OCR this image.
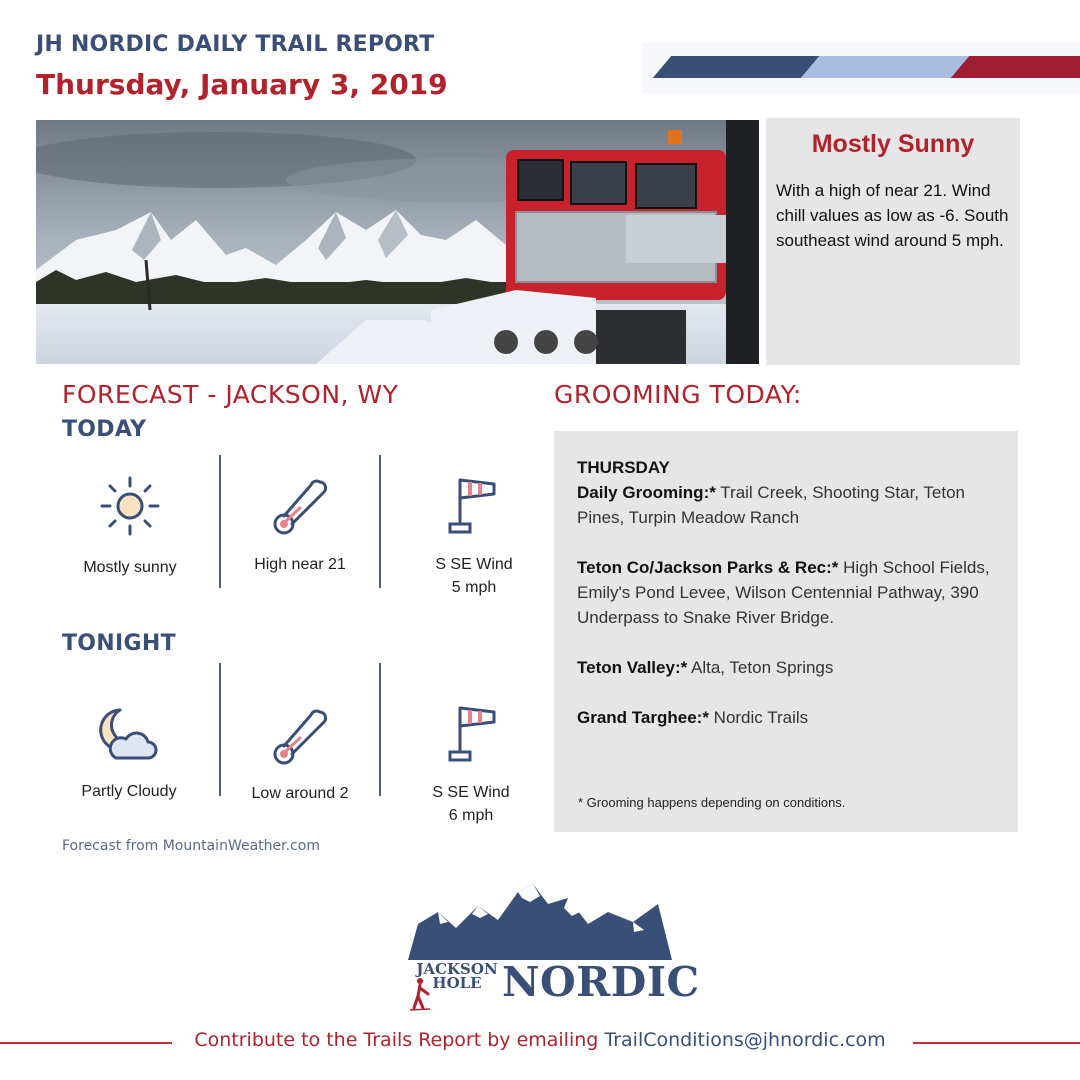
JH NORDIC DAILY TRAIL REPORT
Thursday, January 3, 2019
Mostly Sunny
With a high of near 21. Wind chill values as low as -6. South southeast wind around 5 mph.
FORECAST - JACKSON, WY
TODAY
Mostly sunny	High near 21	S SE Wind
5 mph
TONIGHT
Partly Cloudy	Low around 2	S SE Wind
6 mph
Forecast from MountainWeather.com
GROOMING TODAY:
THURSDAY
Daily Grooming:* Trail Creek, Shooting Star, Teton Pines, Turpin Meadow Ranch
Teton Co/Jackson Parks & Rec:* High School Fields, Emily's Pond Levee, Wilson Centennial Pathway, 390 Underpass to Snake River Bridge.
Teton Valley:* Alta, Teton Springs
Grand Targhee:* Nordic Trails
* Grooming happens depending on conditions.
JACKSON
HOLE NORDIC
Contribute to the Trails Report by emailing TrailConditions@jhnordic.com
